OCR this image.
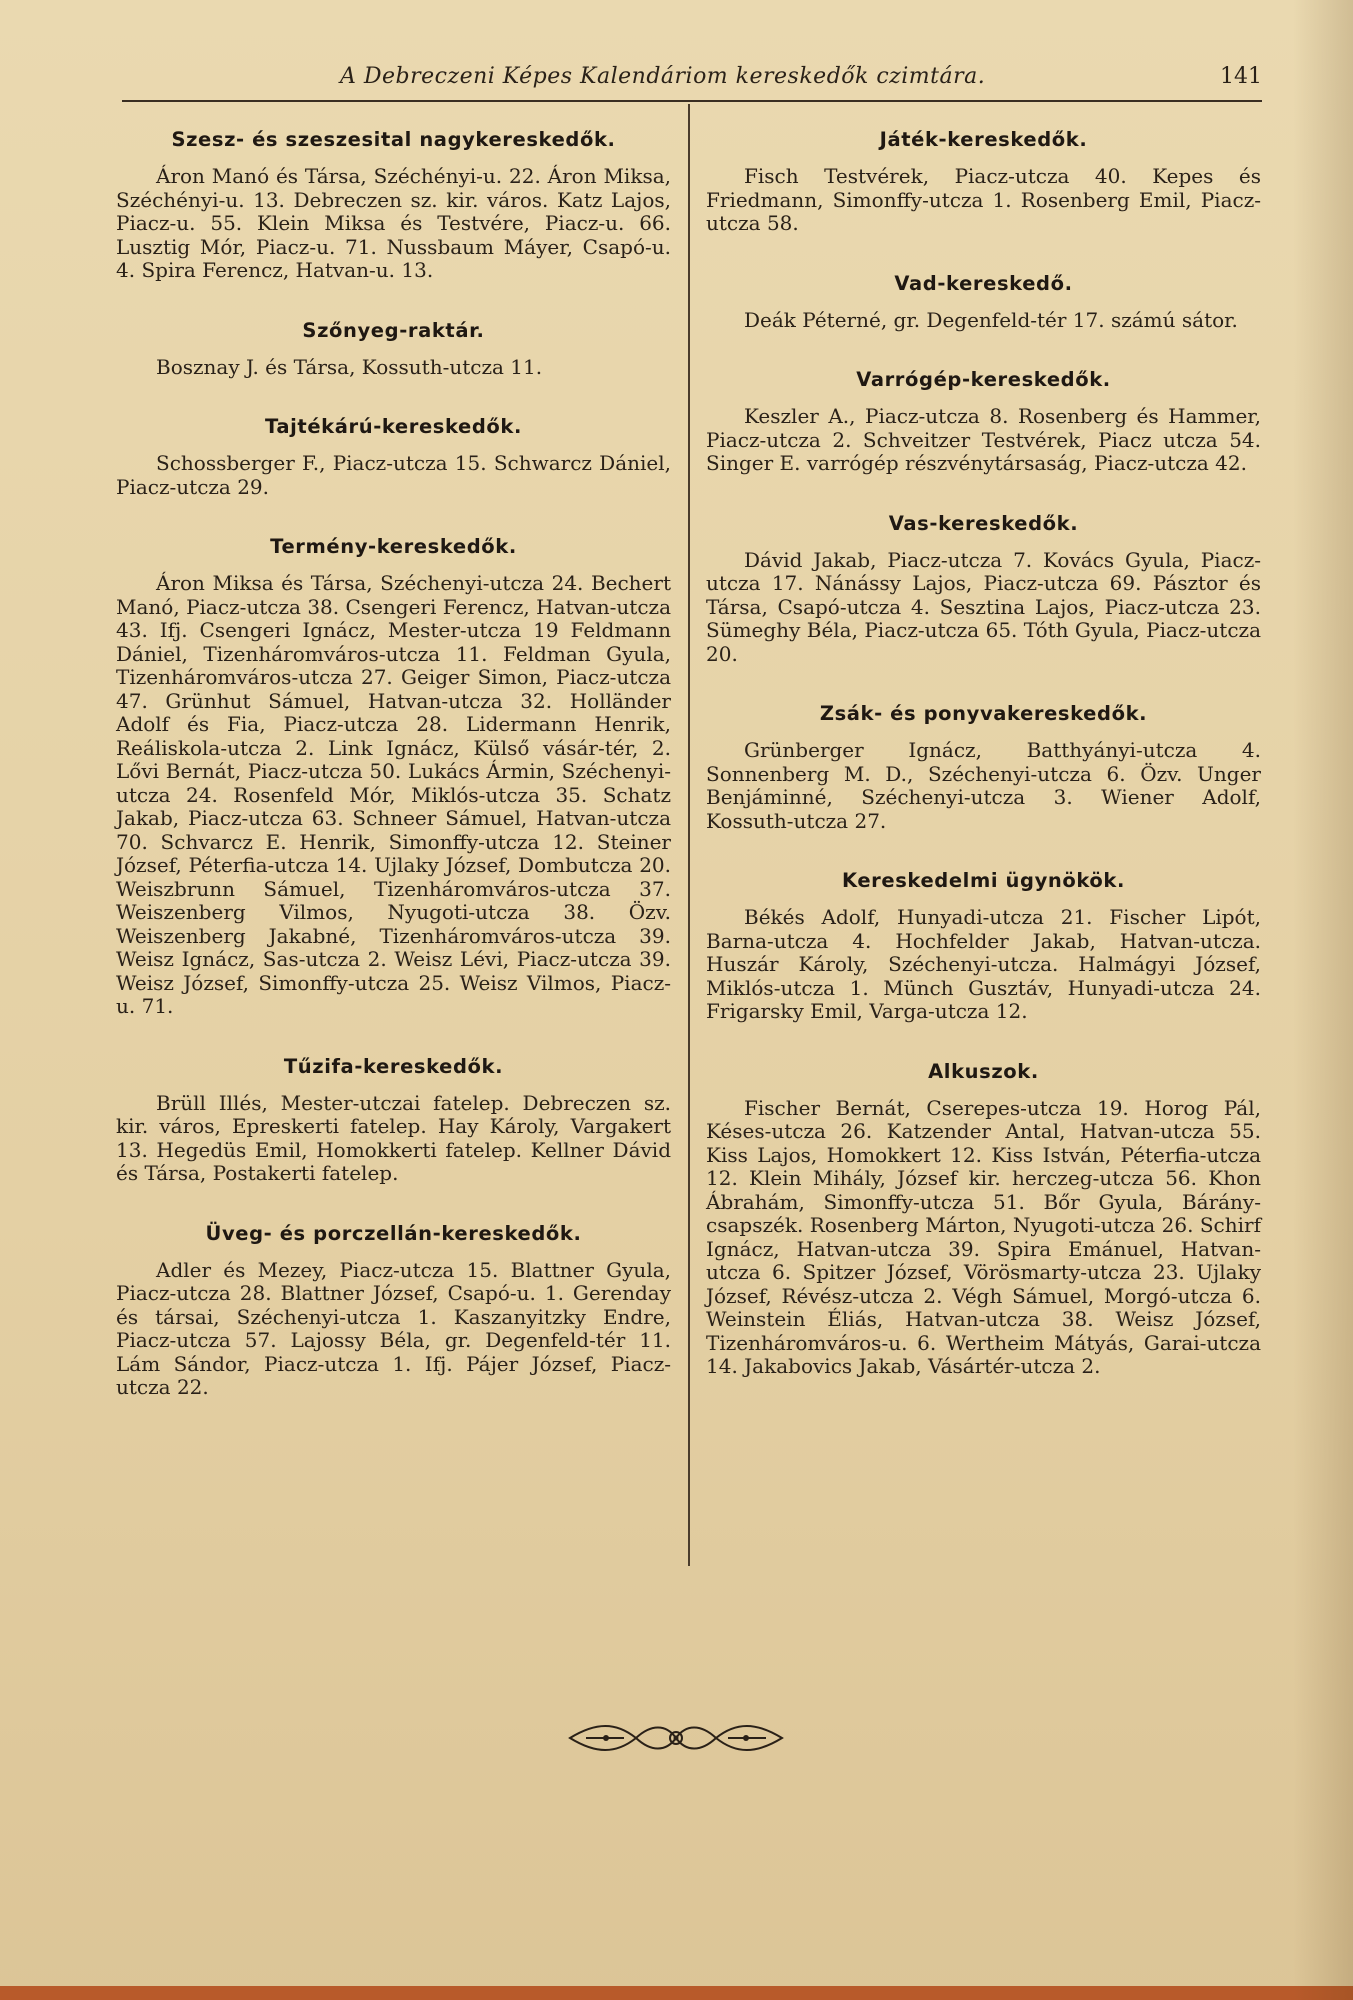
A Debreczeni Képes Kalendáriom kereskedők czimtára.	141
Szesz- és szeszesital nagykereskedők.

Áron Manó és Társa, Széchényi-u. 22. Áron Miksa, Széchényi-u. 13. Debreczen sz. kir. város. Katz Lajos, Piacz-u. 55. Klein Miksa és Testvére, Piacz-u. 66. Lusztig Mór, Piacz-u. 71. Nussbaum Máyer, Csapó-u. 4. Spira Ferencz, Hatvan-u. 13.

Szőnyeg-raktár.

Bosznay J. és Társa, Kossuth-utcza 11.

Tajtékárú-kereskedők.

Schossberger F., Piacz-utcza 15. Schwarcz Dániel, Piacz-utcza 29.

Termény-kereskedők.

Áron Miksa és Társa, Széchenyi-utcza 24. Bechert Manó, Piacz-utcza 38. Csengeri Ferencz, Hatvan-utcza 43. Ifj. Csengeri Ignácz, Mester-utcza 19 Feldmann Dániel, Tizenháromváros-utcza 11. Feldman Gyula, Tizenháromváros-utcza 27. Geiger Simon, Piacz-utcza 47. Grünhut Sámuel, Hatvan-utcza 32. Holländer Adolf és Fia, Piacz-utcza 28. Lidermann Henrik, Reáliskola-utcza 2. Link Ignácz, Külső vásár-tér, 2. Lővi Bernát, Piacz-utcza 50. Lukács Ármin, Széchenyi-utcza 24. Rosenfeld Mór, Miklós-utcza 35. Schatz Jakab, Piacz-utcza 63. Schneer Sámuel, Hatvan-utcza 70. Schvarcz E. Henrik, Simonffy-utcza 12. Steiner József, Péterfia-utcza 14. Ujlaky József, Dombutcza 20. Weiszbrunn Sámuel, Tizenháromváros-utcza 37. Weiszenberg Vilmos, Nyugoti-utcza 38. Özv. Weiszenberg Jakabné, Tizenháromváros-utcza 39. Weisz Ignácz, Sas-utcza 2. Weisz Lévi, Piacz-utcza 39. Weisz József, Simonffy-utcza 25. Weisz Vilmos, Piacz-u. 71.

Tűzifa-kereskedők.

Brüll Illés, Mester-utczai fatelep. Debreczen sz. kir. város, Epreskerti fatelep. Hay Károly, Vargakert 13. Hegedüs Emil, Homokkerti fatelep. Kellner Dávid és Társa, Postakerti fatelep.

Üveg- és porczellán-kereskedők.

Adler és Mezey, Piacz-utcza 15. Blattner Gyula, Piacz-utcza 28. Blattner József, Csapó-u. 1. Gerenday és társai, Széchenyi-utcza 1. Kaszanyitzky Endre, Piacz-utcza 57. Lajossy Béla, gr. Degenfeld-tér 11. Lám Sándor, Piacz-utcza 1. Ifj. Pájer József, Piacz-utcza 22.

Játék-kereskedők.

Fisch Testvérek, Piacz-utcza 40. Kepes és Friedmann, Simonffy-utcza 1. Rosenberg Emil, Piacz-utcza 58.

Vad-kereskedő.

Deák Péterné, gr. Degenfeld-tér 17. számú sátor.

Varrógép-kereskedők.

Keszler A., Piacz-utcza 8. Rosenberg és Hammer, Piacz-utcza 2. Schveitzer Testvérek, Piacz utcza 54. Singer E. varrógép részvénytársaság, Piacz-utcza 42.

Vas-kereskedők.

Dávid Jakab, Piacz-utcza 7. Kovács Gyula, Piacz-utcza 17. Nánássy Lajos, Piacz-utcza 69. Pásztor és Társa, Csapó-utcza 4. Sesztina Lajos, Piacz-utcza 23. Sümeghy Béla, Piacz-utcza 65. Tóth Gyula, Piacz-utcza 20.

Zsák- és ponyvakereskedők.

Grünberger Ignácz, Batthyányi-utcza 4. Sonnenberg M. D., Széchenyi-utcza 6. Özv. Unger Benjáminné, Széchenyi-utcza 3. Wiener Adolf, Kossuth-utcza 27.

Kereskedelmi ügynökök.

Békés Adolf, Hunyadi-utcza 21. Fischer Lipót, Barna-utcza 4. Hochfelder Jakab, Hatvan-utcza. Huszár Károly, Széchenyi-utcza. Halmágyi József, Miklós-utcza 1. Münch Gusztáv, Hunyadi-utcza 24. Frigarsky Emil, Varga-utcza 12.

Alkuszok.

Fischer Bernát, Cserepes-utcza 19. Horog Pál, Késes-utcza 26. Katzender Antal, Hatvan-utcza 55. Kiss Lajos, Homokkert 12. Kiss István, Péterfia-utcza 12. Klein Mihály, József kir. herczeg-utcza 56. Khon Ábrahám, Simonffy-utcza 51. Bőr Gyula, Bárány-csapszék. Rosenberg Márton, Nyugoti-utcza 26. Schirf Ignácz, Hatvan-utcza 39. Spira Emánuel, Hatvan-utcza 6. Spitzer József, Vörösmarty-utcza 23. Ujlaky József, Révész-utcza 2. Végh Sámuel, Morgó-utcza 6. Weinstein Éliás, Hatvan-utcza 38. Weisz József, Tizenháromváros-u. 6. Wertheim Mátyás, Garai-utcza 14. Jakabovics Jakab, Vásártér-utcza 2.
